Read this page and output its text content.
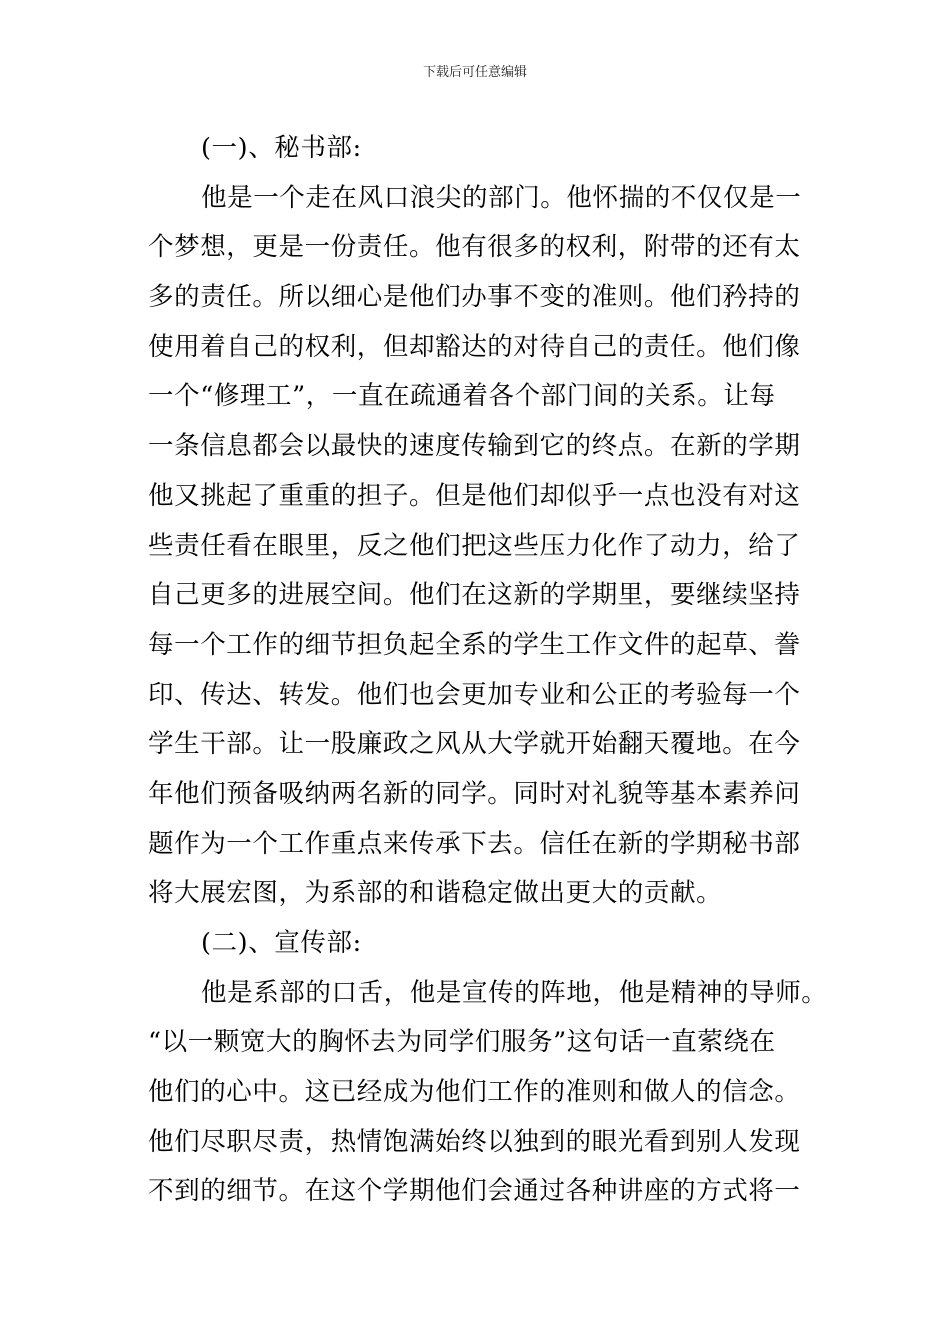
下载后可任意编辑
(一)、秘书部:
他是一个走在风口浪尖的部门。他怀揣的不仅仅是一
个梦想，更是一份责任。他有很多的权利，附带的还有太
多的责任。所以细心是他们办事不变的准则。他们矜持的
使用着自己的权利，但却豁达的对待自己的责任。他们像
一个“修理工”，一直在疏通着各个部门间的关系。让每
一条信息都会以最快的速度传输到它的终点。在新的学期
他又挑起了重重的担子。但是他们却似乎一点也没有对这
些责任看在眼里，反之他们把这些压力化作了动力，给了
自己更多的进展空间。他们在这新的学期里，要继续坚持
每一个工作的细节担负起全系的学生工作文件的起草、誊
印、传达、转发。他们也会更加专业和公正的考验每一个
学生干部。让一股廉政之风从大学就开始翻天覆地。在今
年他们预备吸纳两名新的同学。同时对礼貌等基本素养问
题作为一个工作重点来传承下去。信任在新的学期秘书部
将大展宏图，为系部的和谐稳定做出更大的贡献。
(二)、宣传部:
他是系部的口舌，他是宣传的阵地，他是精神的导师。
“以一颗宽大的胸怀去为同学们服务”这句话一直萦绕在
他们的心中。这已经成为他们工作的准则和做人的信念。
他们尽职尽责，热情饱满始终以独到的眼光看到别人发现
不到的细节。在这个学期他们会通过各种讲座的方式将一
